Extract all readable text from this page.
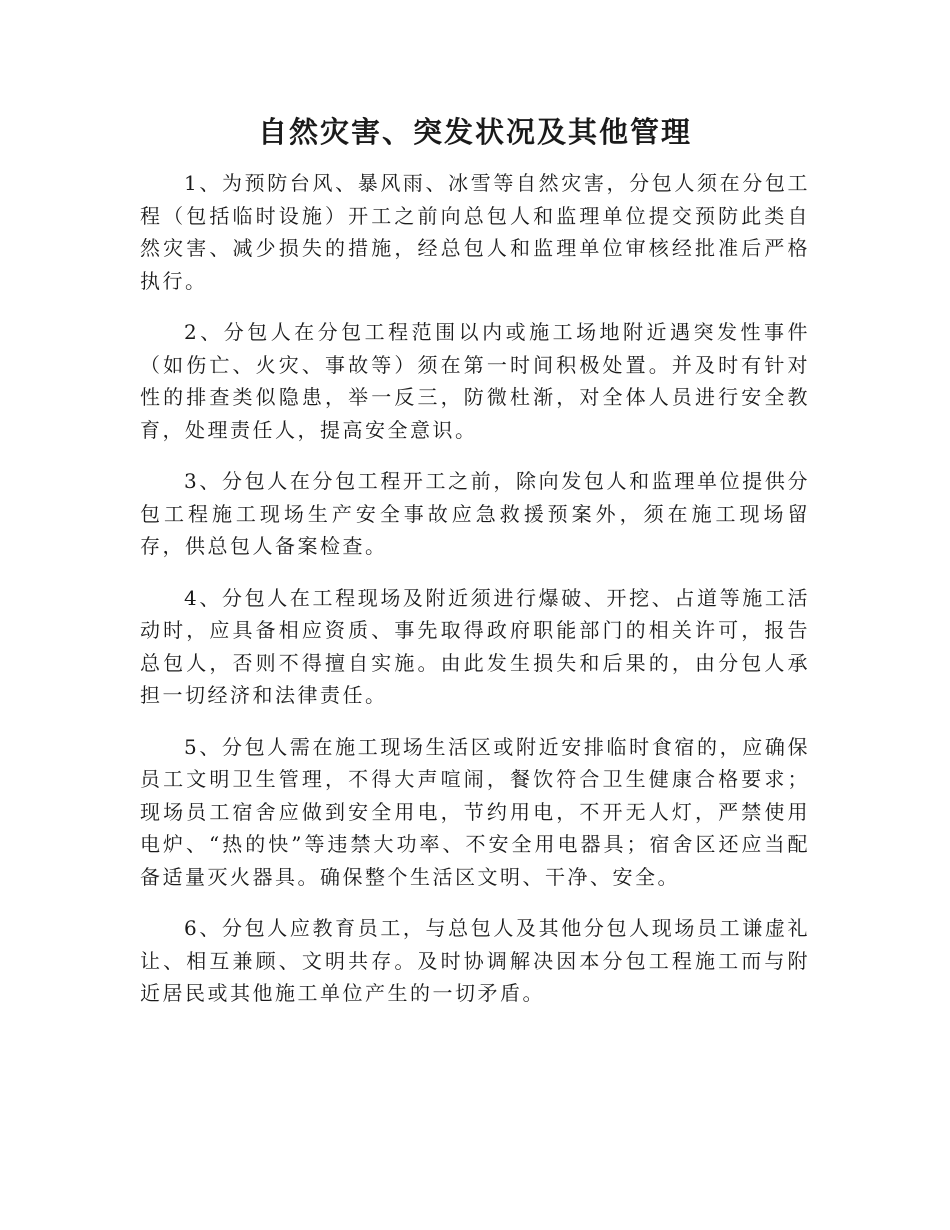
自然灾害、突发状况及其他管理

1、为预防台风、暴风雨、冰雪等自然灾害，分包人须在分包工程（包括临时设施）开工之前向总包人和监理单位提交预防此类自然灾害、减少损失的措施，经总包人和监理单位审核经批准后严格执行。

2、分包人在分包工程范围以内或施工场地附近遇突发性事件（如伤亡、火灾、事故等）须在第一时间积极处置。并及时有针对性的排查类似隐患，举一反三，防微杜渐，对全体人员进行安全教育，处理责任人，提高安全意识。

3、分包人在分包工程开工之前，除向发包人和监理单位提供分包工程施工现场生产安全事故应急救援预案外，须在施工现场留存，供总包人备案检查。

4、分包人在工程现场及附近须进行爆破、开挖、占道等施工活动时，应具备相应资质、事先取得政府职能部门的相关许可，报告总包人，否则不得擅自实施。由此发生损失和后果的，由分包人承担一切经济和法律责任。

5、分包人需在施工现场生活区或附近安排临时食宿的，应确保员工文明卫生管理，不得大声喧闹，餐饮符合卫生健康合格要求；现场员工宿舍应做到安全用电，节约用电，不开无人灯，严禁使用电炉、“热的快”等违禁大功率、不安全用电器具；宿舍区还应当配备适量灭火器具。确保整个生活区文明、干净、安全。

6、分包人应教育员工，与总包人及其他分包人现场员工谦虚礼让、相互兼顾、文明共存。及时协调解决因本分包工程施工而与附近居民或其他施工单位产生的一切矛盾。
